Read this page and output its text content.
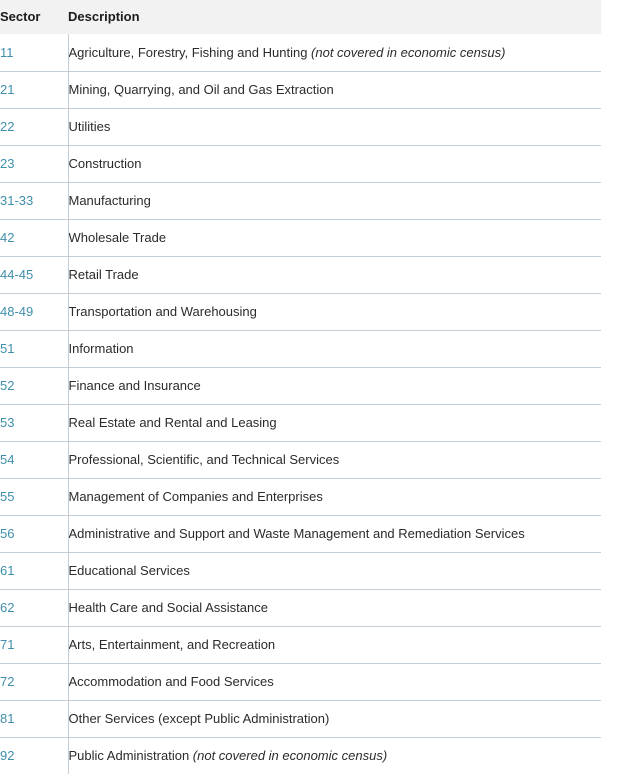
Sector	Description
11	Agriculture, Forestry, Fishing and Hunting (not covered in economic census)
21	Mining, Quarrying, and Oil and Gas Extraction
22	Utilities
23	Construction
31-33	Manufacturing
42	Wholesale Trade
44-45	Retail Trade
48-49	Transportation and Warehousing
51	Information
52	Finance and Insurance
53	Real Estate and Rental and Leasing
54	Professional, Scientific, and Technical Services
55	Management of Companies and Enterprises
56	Administrative and Support and Waste Management and Remediation Services
61	Educational Services
62	Health Care and Social Assistance
71	Arts, Entertainment, and Recreation
72	Accommodation and Food Services
81	Other Services (except Public Administration)
92	Public Administration (not covered in economic census)
